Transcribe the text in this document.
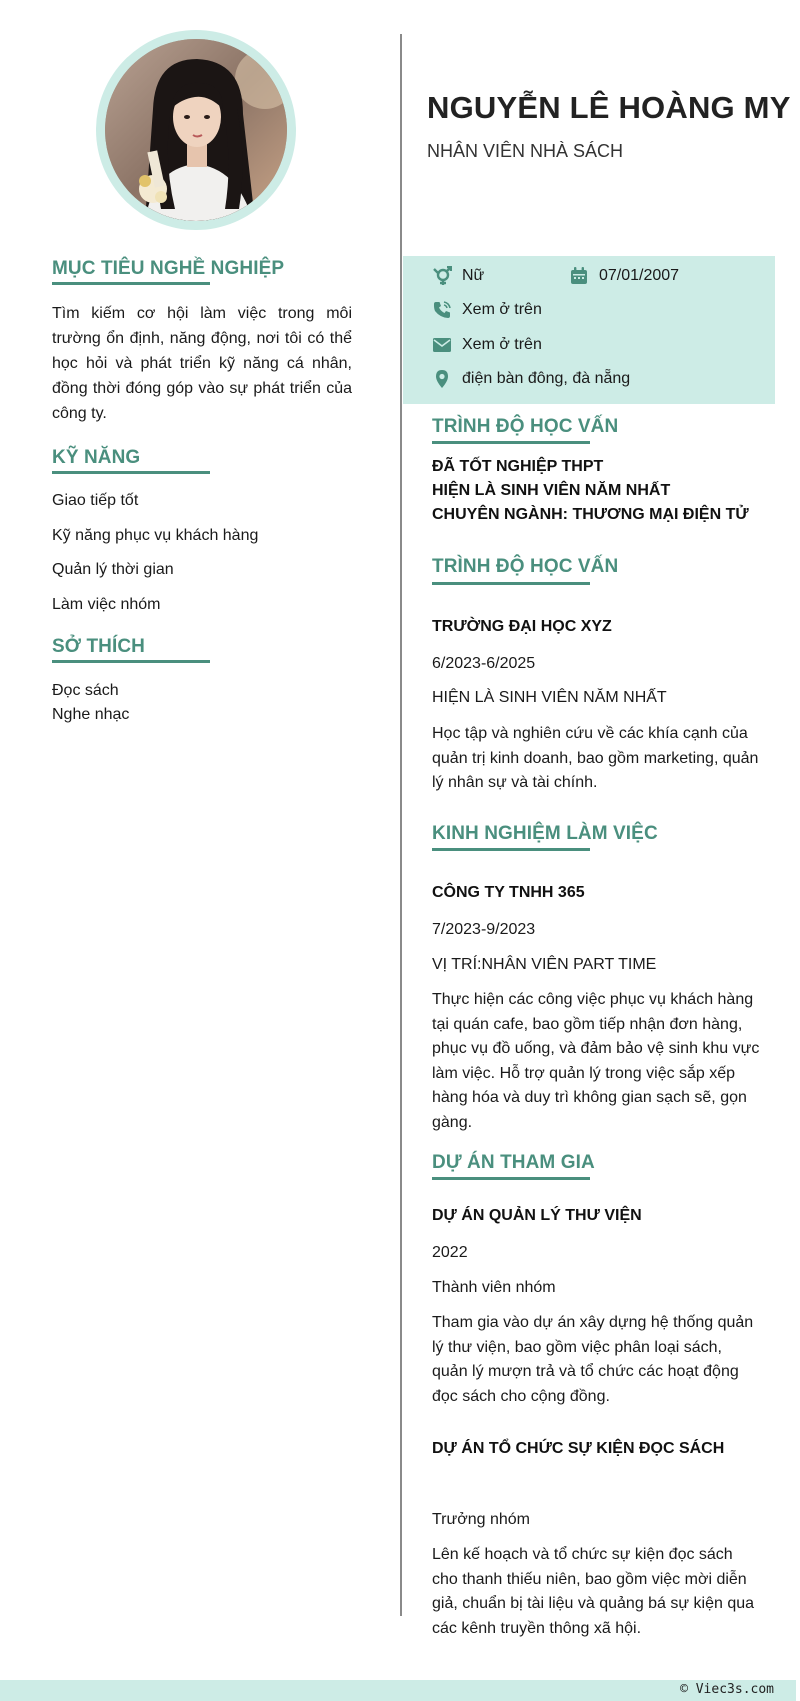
MỤC TIÊU NGHỀ NGHIỆP
Tìm kiếm cơ hội làm việc trong môi trường ổn định, năng động, nơi tôi có thể học hỏi và phát triển kỹ năng cá nhân, đồng thời đóng góp vào sự phát triển của công ty.
KỸ NĂNG
Giao tiếp tốt
Kỹ năng phục vụ khách hàng
Quản lý thời gian
Làm việc nhóm
SỞ THÍCH
Đọc sách
Nghe nhạc
NGUYỄN LÊ HOÀNG MY
NHÂN VIÊN NHÀ SÁCH
Nữ	07/01/2007
Xem ở trên
Xem ở trên
điện bàn đông, đà nẵng
TRÌNH ĐỘ HỌC VẤN
ĐÃ TỐT NGHIỆP THPT
HIỆN LÀ SINH VIÊN NĂM NHẤT
CHUYÊN NGÀNH: THƯƠNG MẠI ĐIỆN TỬ
TRÌNH ĐỘ HỌC VẤN
TRƯỜNG ĐẠI HỌC XYZ
6/2023-6/2025
HIỆN LÀ SINH VIÊN NĂM NHẤT
Học tập và nghiên cứu về các khía cạnh của quản trị kinh doanh, bao gồm marketing, quản lý nhân sự và tài chính.
KINH NGHIỆM LÀM VIỆC
CÔNG TY TNHH 365
7/2023-9/2023
VỊ TRÍ:NHÂN VIÊN PART TIME
Thực hiện các công việc phục vụ khách hàng tại quán cafe, bao gồm tiếp nhận đơn hàng, phục vụ đồ uống, và đảm bảo vệ sinh khu vực làm việc. Hỗ trợ quản lý trong việc sắp xếp hàng hóa và duy trì không gian sạch sẽ, gọn gàng.
DỰ ÁN THAM GIA
DỰ ÁN QUẢN LÝ THƯ VIỆN
2022
Thành viên nhóm
Tham gia vào dự án xây dựng hệ thống quản lý thư viện, bao gồm việc phân loại sách, quản lý mượn trả và tổ chức các hoạt động đọc sách cho cộng đồng.
DỰ ÁN TỔ CHỨC SỰ KIỆN ĐỌC SÁCH
Trưởng nhóm
Lên kế hoạch và tổ chức sự kiện đọc sách cho thanh thiếu niên, bao gồm việc mời diễn giả, chuẩn bị tài liệu và quảng bá sự kiện qua các kênh truyền thông xã hội.
© Viec3s.com
